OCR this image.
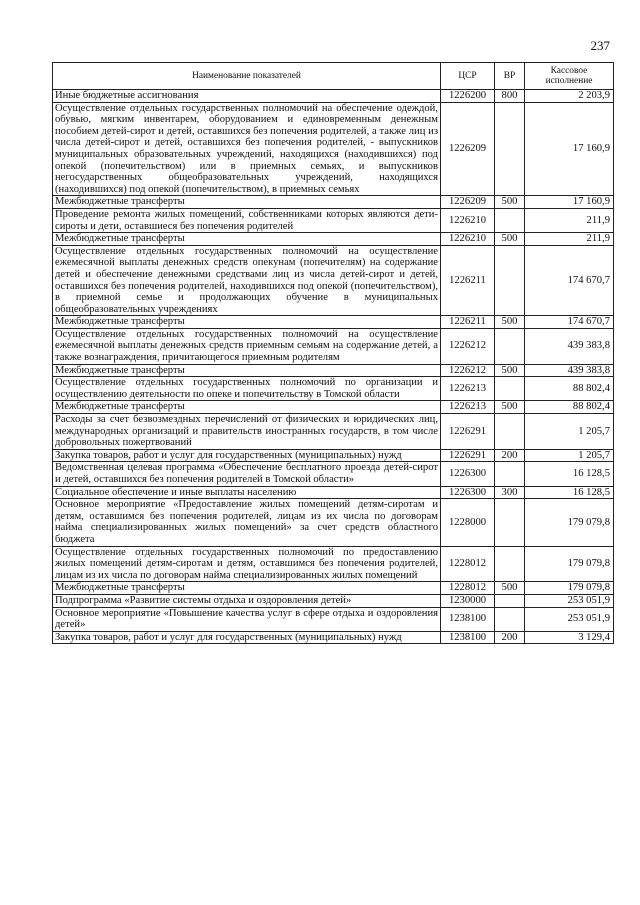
237
Наименование показателей	ЦСР	ВР	Кассовое исполнение
Иные бюджетные ассигнования	1226200	800	2 203,9
Осуществление отдельных государственных полномочий на обеспечение одеждой, обувью, мягким инвентарем, оборудованием и единовременным денежным пособием детей-сирот и детей, оставшихся без попечения родителей, а также лиц из числа детей-сирот и детей, оставшихся без попечения родителей, - выпускников муниципальных образовательных учреждений, находящихся (находившихся) под опекой (попечительством) или в приемных семьях, и выпускников негосударственных общеобразовательных учреждений, находящихся (находившихся) под опекой (попечительством), в приемных семьях	1226209		17 160,9
Межбюджетные трансферты	1226209	500	17 160,9
Проведение ремонта жилых помещений, собственниками которых являются дети-сироты и дети, оставшиеся без попечения родителей	1226210		211,9
Межбюджетные трансферты	1226210	500	211,9
Осуществление отдельных государственных полномочий на осуществление ежемесячной выплаты денежных средств опекунам (попечителям) на содержание детей и обеспечение денежными средствами лиц из числа детей-сирот и детей, оставшихся без попечения родителей, находившихся под опекой (попечительством), в приемной семье и продолжающих обучение в муниципальных общеобразовательных учреждениях	1226211		174 670,7
Межбюджетные трансферты	1226211	500	174 670,7
Осуществление отдельных государственных полномочий на осуществление ежемесячной выплаты денежных средств приемным семьям на содержание детей, а также вознаграждения, причитающегося приемным родителям	1226212		439 383,8
Межбюджетные трансферты	1226212	500	439 383,8
Осуществление отдельных государственных полномочий по организации и осуществлению деятельности по опеке и попечительству в Томской области	1226213		88 802,4
Межбюджетные трансферты	1226213	500	88 802,4
Расходы за счет безвозмездных перечислений от физических и юридических лиц, международных организаций и правительств иностранных государств, в том числе добровольных пожертвований	1226291		1 205,7
Закупка товаров, работ и услуг для государственных (муниципальных) нужд	1226291	200	1 205,7
Ведомственная целевая программа «Обеспечение бесплатного проезда детей-сирот и детей, оставшихся без попечения родителей в Томской области»	1226300		16 128,5
Социальное обеспечение и иные выплаты населению	1226300	300	16 128,5
Основное мероприятие «Предоставление жилых помещений детям-сиротам и детям, оставшимся без попечения родителей, лицам из их числа по договорам найма специализированных жилых помещений» за счет средств областного бюджета	1228000		179 079,8
Осуществление отдельных государственных полномочий по предоставлению жилых помещений детям-сиротам и детям, оставшимся без попечения родителей, лицам из их числа по договорам найма специализированных жилых помещений	1228012		179 079,8
Межбюджетные трансферты	1228012	500	179 079,8
Подпрограмма «Развитие системы отдыха и оздоровления детей»	1230000		253 051,9
Основное мероприятие «Повышение качества услуг в сфере отдыха и оздоровления детей»	1238100		253 051,9
Закупка товаров, работ и услуг для государственных (муниципальных) нужд	1238100	200	3 129,4
